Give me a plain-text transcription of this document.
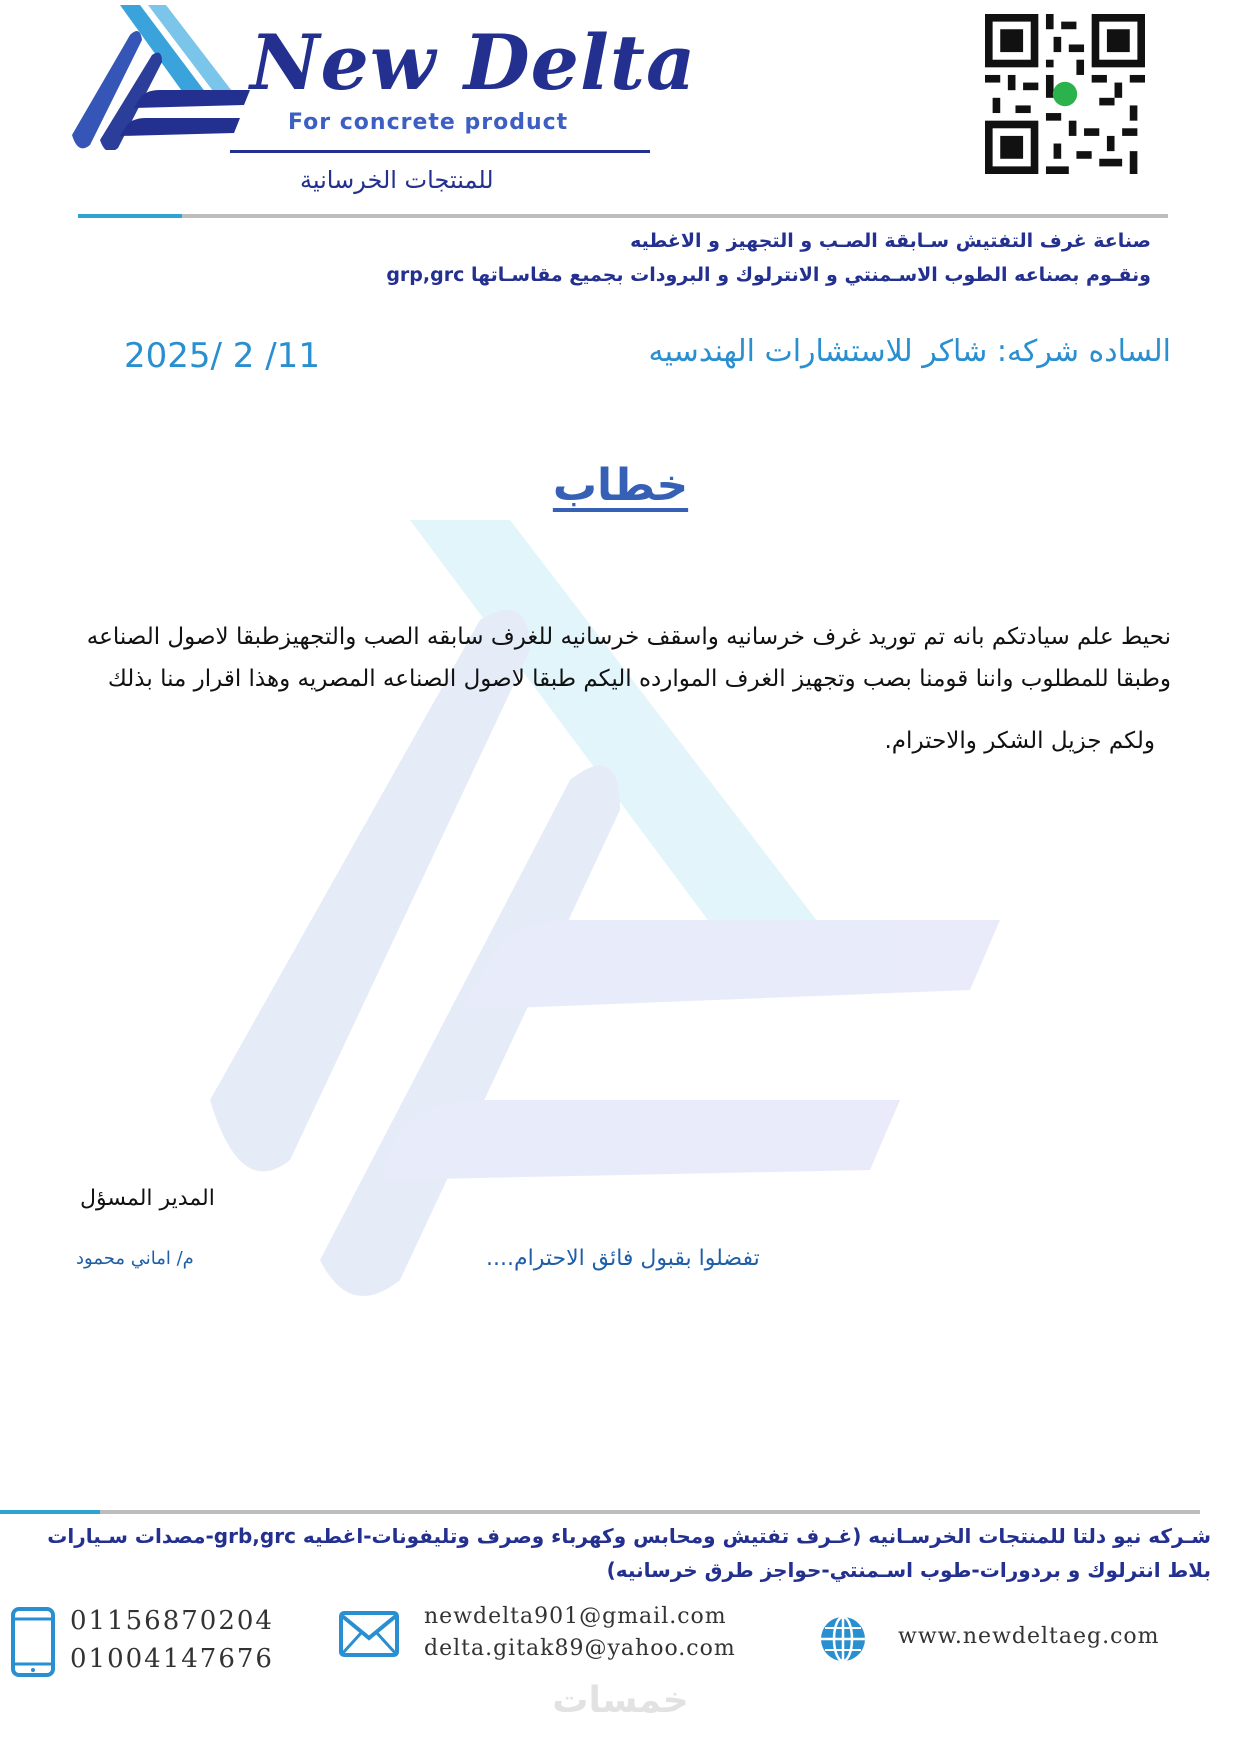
New Delta
For concrete product
للمنتجات الخرسانية
صناعة غرف التفتيش سـابقة الصـب و التجهيز و الاغطيه
ونقـوم بصناعه الطوب الاسـمنتي و الانترلوك و البرودات بجميع مقاسـاتها grp,grc
الساده شركه: شاكر للاستشارات الهندسيه
2025/ 2 /11
خطاب
نحيط علم سيادتكم بانه تم توريد غرف خرسانيه واسقف خرسانيه للغرف سابقه الصب والتجهيزطبقا لاصول الصناعه وطبقا للمطلوب واننا قومنا بصب وتجهيز الغرف الموارده اليكم طبقا لاصول الصناعه المصريه وهذا اقرار منا بذلك
ولكم جزيل الشكر والاحترام.
المدير المسؤل
م/ اماني محمود	تفضلوا بقبول فائق الاحترام....
شـركه نيو دلتا للمنتجات الخرسـانيه (غـرف تفتيش ومحابس وكهرباء وصرف وتليفونات-اغطيه grb,grc-مصدات سـيارات
بلاط انترلوك و بردورات-طوب اسـمنتي-حواجز طرق خرسانيه)
01156870204
01004147676
newdelta901@gmail.com
delta.gitak89@yahoo.com	www.newdeltaeg.com
خمسات
